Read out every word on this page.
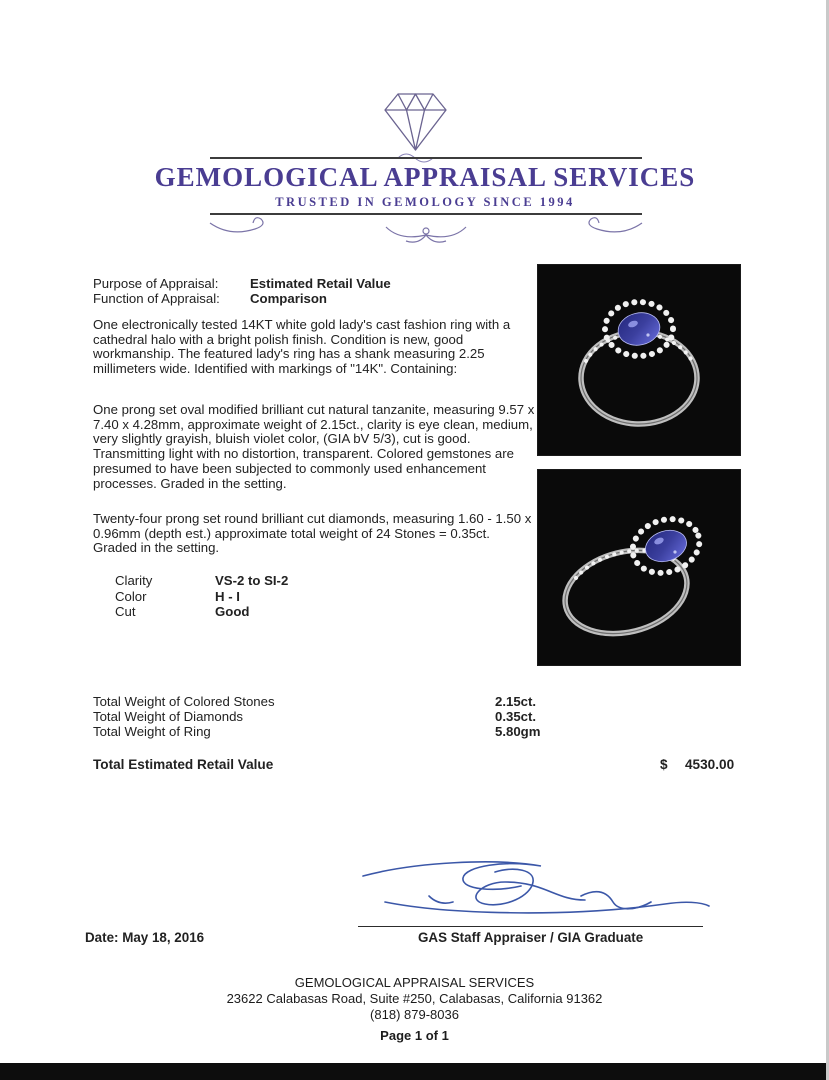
GEMOLOGICAL APPRAISAL SERVICES
TRUSTED IN GEMOLOGY SINCE 1994
Purpose of Appraisal: Estimated Retail Value
Function of Appraisal: Comparison
One electronically tested 14KT white gold lady's cast fashion ring with a cathedral halo with a bright polish finish. Condition is new, good workmanship. The featured lady's ring has a shank measuring 2.25 millimeters wide. Identified with markings of "14K". Containing:
One prong set oval modified brilliant cut natural tanzanite, measuring 9.57 x 7.40 x 4.28mm, approximate weight of 2.15ct., clarity is eye clean, medium, very slightly grayish, bluish violet color, (GIA bV 5/3), cut is good. Transmitting light with no distortion, transparent. Colored gemstones are presumed to have been subjected to commonly used enhancement processes. Graded in the setting.
Twenty-four prong set round brilliant cut diamonds, measuring 1.60 - 1.50 x 0.96mm (depth est.) approximate total weight of 24 Stones = 0.35ct. Graded in the setting.
Clarity	VS-2 to SI-2
Color	H - I
Cut	Good
Total Weight of Colored Stones	2.15ct.
Total Weight of Diamonds	0.35ct.
Total Weight of Ring	5.80gm
Total Estimated Retail Value	$ 4530.00
Date: May 18, 2016	GAS Staff Appraiser / GIA Graduate
GEMOLOGICAL APPRAISAL SERVICES
23622 Calabasas Road, Suite #250, Calabasas, California 91362
(818) 879-8036
Page 1 of 1
